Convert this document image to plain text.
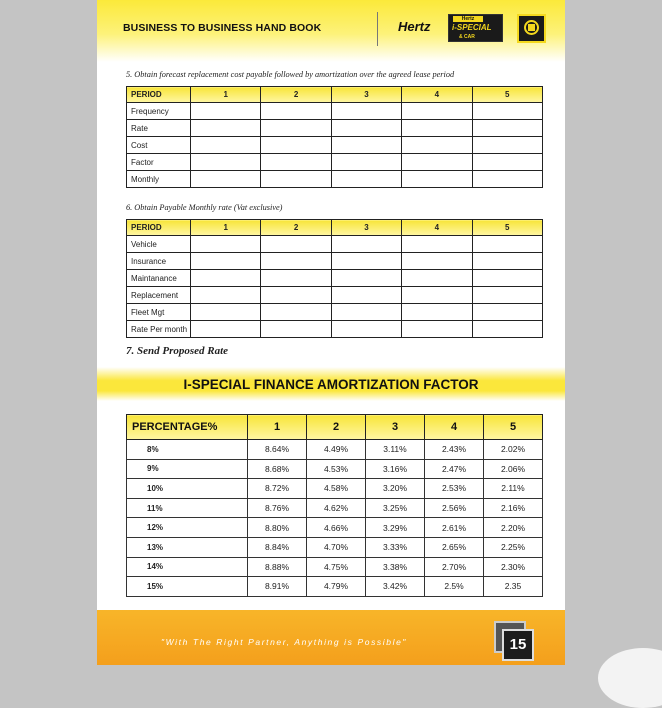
BUSINESS TO BUSINESS HAND BOOK	Hertz	Hertz
i-SPECIAL
& CAR
5. Obtain forecast replacement cost payable followed by amortization over the agreed lease period
PERIOD	1	2	3	4	5
Frequency					
Rate					
Cost					
Factor					
Monthly					
6. Obtain Payable Monthly rate (Vat exclusive)
PERIOD	1	2	3	4	5
Vehicle					
Insurance					
Maintanance					
Replacement					
Fleet Mgt					
Rate Per month					
7. Send Proposed Rate
I-SPECIAL FINANCE AMORTIZATION FACTOR
PERCENTAGE%	1	2	3	4	5
8%	8.64%	4.49%	3.11%	2.43%	2.02%
9%	8.68%	4.53%	3.16%	2.47%	2.06%
10%	8.72%	4.58%	3.20%	2.53%	2.11%
11%	8.76%	4.62%	3.25%	2.56%	2.16%
12%	8.80%	4.66%	3.29%	2.61%	2.20%
13%	8.84%	4.70%	3.33%	2.65%	2.25%
14%	8.88%	4.75%	3.38%	2.70%	2.30%
15%	8.91%	4.79%	3.42%	2.5%	2.35
"With The Right Partner, Anything is Possible"	15
